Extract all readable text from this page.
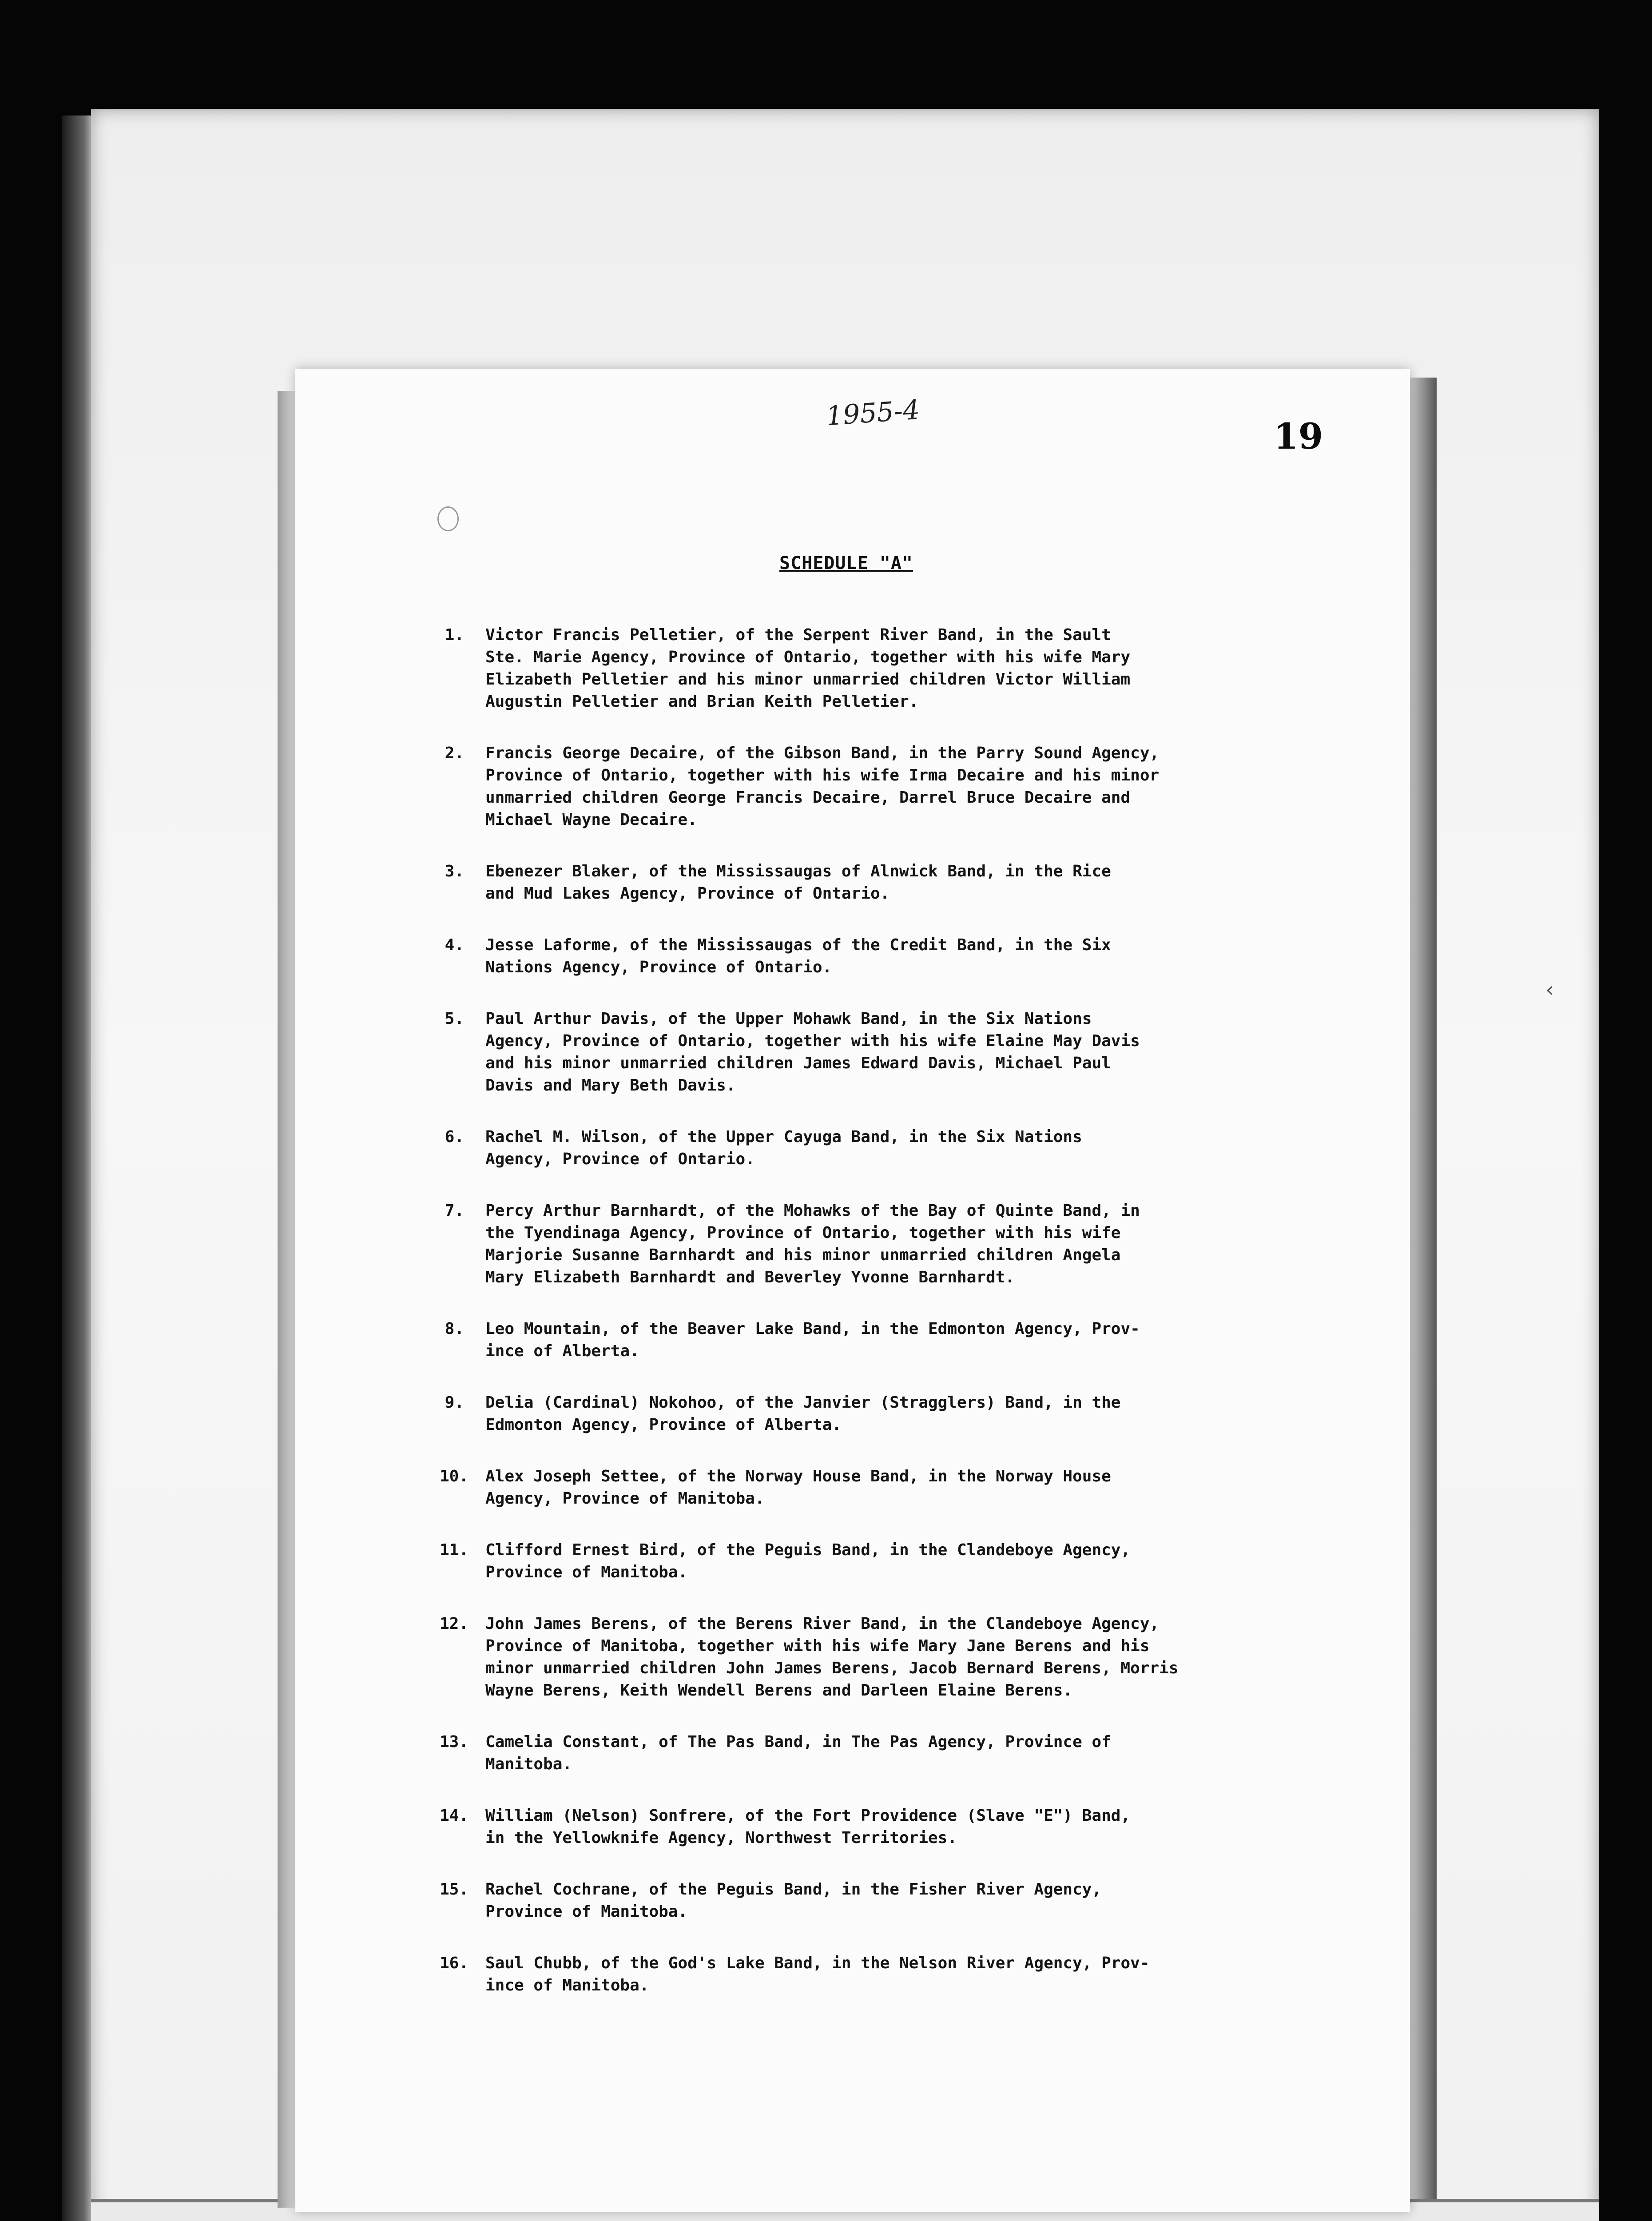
1955-4
19
SCHEDULE "A"
1. Victor Francis Pelletier, of the Serpent River Band, in the Sault
Ste. Marie Agency, Province of Ontario, together with his wife Mary
Elizabeth Pelletier and his minor unmarried children Victor William
Augustin Pelletier and Brian Keith Pelletier.
2. Francis George Decaire, of the Gibson Band, in the Parry Sound Agency,
Province of Ontario, together with his wife Irma Decaire and his minor
unmarried children George Francis Decaire, Darrel Bruce Decaire and
Michael Wayne Decaire.
3. Ebenezer Blaker, of the Mississaugas of Alnwick Band, in the Rice
and Mud Lakes Agency, Province of Ontario.
4. Jesse Laforme, of the Mississaugas of the Credit Band, in the Six
Nations Agency, Province of Ontario.
5. Paul Arthur Davis, of the Upper Mohawk Band, in the Six Nations
Agency, Province of Ontario, together with his wife Elaine May Davis
and his minor unmarried children James Edward Davis, Michael Paul
Davis and Mary Beth Davis.
6. Rachel M. Wilson, of the Upper Cayuga Band, in the Six Nations
Agency, Province of Ontario.
7. Percy Arthur Barnhardt, of the Mohawks of the Bay of Quinte Band, in
the Tyendinaga Agency, Province of Ontario, together with his wife
Marjorie Susanne Barnhardt and his minor unmarried children Angela
Mary Elizabeth Barnhardt and Beverley Yvonne Barnhardt.
8. Leo Mountain, of the Beaver Lake Band, in the Edmonton Agency, Prov-
ince of Alberta.
9. Delia (Cardinal) Nokohoo, of the Janvier (Stragglers) Band, in the
Edmonton Agency, Province of Alberta.
10. Alex Joseph Settee, of the Norway House Band, in the Norway House
Agency, Province of Manitoba.
11. Clifford Ernest Bird, of the Peguis Band, in the Clandeboye Agency,
Province of Manitoba.
12. John James Berens, of the Berens River Band, in the Clandeboye Agency,
Province of Manitoba, together with his wife Mary Jane Berens and his
minor unmarried children John James Berens, Jacob Bernard Berens, Morris
Wayne Berens, Keith Wendell Berens and Darleen Elaine Berens.
13. Camelia Constant, of The Pas Band, in The Pas Agency, Province of
Manitoba.
14. William (Nelson) Sonfrere, of the Fort Providence (Slave "E") Band,
in the Yellowknife Agency, Northwest Territories.
15. Rachel Cochrane, of the Peguis Band, in the Fisher River Agency,
Province of Manitoba.
16. Saul Chubb, of the God's Lake Band, in the Nelson River Agency, Prov-
ince of Manitoba.
‹
